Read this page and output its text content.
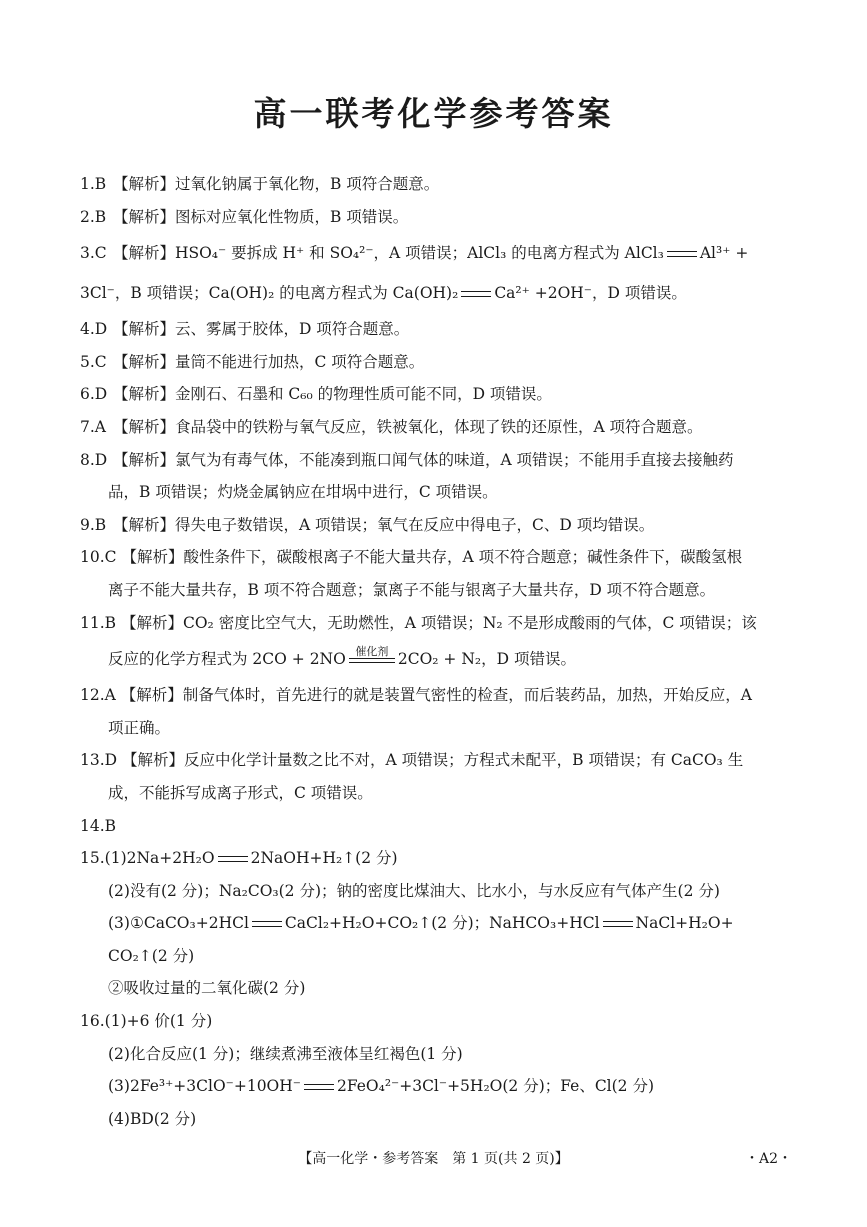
高一联考化学参考答案
1.B 【解析】过氧化钠属于氧化物，B 项符合题意。
2.B 【解析】图标对应氧化性物质，B 项错误。
3.C 【解析】HSO₄⁻ 要拆成 H⁺ 和 SO₄²⁻，A 项错误；AlCl₃ 的电离方程式为 AlCl₃ Al³⁺ +
3Cl⁻，B 项错误；Ca(OH)₂ 的电离方程式为 Ca(OH)₂ Ca²⁺ +2OH⁻，D 项错误。
4.D 【解析】云、雾属于胶体，D 项符合题意。
5.C 【解析】量筒不能进行加热，C 项符合题意。
6.D 【解析】金刚石、石墨和 C₆₀ 的物理性质可能不同，D 项错误。
7.A 【解析】食品袋中的铁粉与氧气反应，铁被氧化，体现了铁的还原性，A 项符合题意。
8.D 【解析】氯气为有毒气体，不能凑到瓶口闻气体的味道，A 项错误；不能用手直接去接触药
品，B 项错误；灼烧金属钠应在坩埚中进行，C 项错误。
9.B 【解析】得失电子数错误，A 项错误；氧气在反应中得电子，C、D 项均错误。
10.C 【解析】酸性条件下，碳酸根离子不能大量共存，A 项不符合题意；碱性条件下，碳酸氢根
离子不能大量共存，B 项不符合题意；氯离子不能与银离子大量共存，D 项不符合题意。
11.B 【解析】CO₂ 密度比空气大，无助燃性，A 项错误；N₂ 不是形成酸雨的气体，C 项错误；该
反应的化学方程式为 2CO + 2NO 催化剂 2CO₂ + N₂，D 项错误。
12.A 【解析】制备气体时，首先进行的就是装置气密性的检查，而后装药品，加热，开始反应，A
项正确。
13.D 【解析】反应中化学计量数之比不对，A 项错误；方程式未配平，B 项错误；有 CaCO₃ 生
成，不能拆写成离子形式，C 项错误。
14.B
15.(1)2Na+2H₂O 2NaOH+H₂↑(2 分)
(2)没有(2 分)；Na₂CO₃(2 分)；钠的密度比煤油大、比水小，与水反应有气体产生(2 分)
(3)①CaCO₃+2HCl CaCl₂+H₂O+CO₂↑(2 分)；NaHCO₃+HCl NaCl+H₂O+
CO₂↑(2 分)
②吸收过量的二氧化碳(2 分)
16.(1)+6 价(1 分)
(2)化合反应(1 分)；继续煮沸至液体呈红褐色(1 分)
(3)2Fe³⁺+3ClO⁻+10OH⁻ 2FeO₄²⁻+3Cl⁻+5H₂O(2 分)；Fe、Cl(2 分)
(4)BD(2 分)
【高一化学・参考答案　第 1 页(共 2 页)】	・A2・
